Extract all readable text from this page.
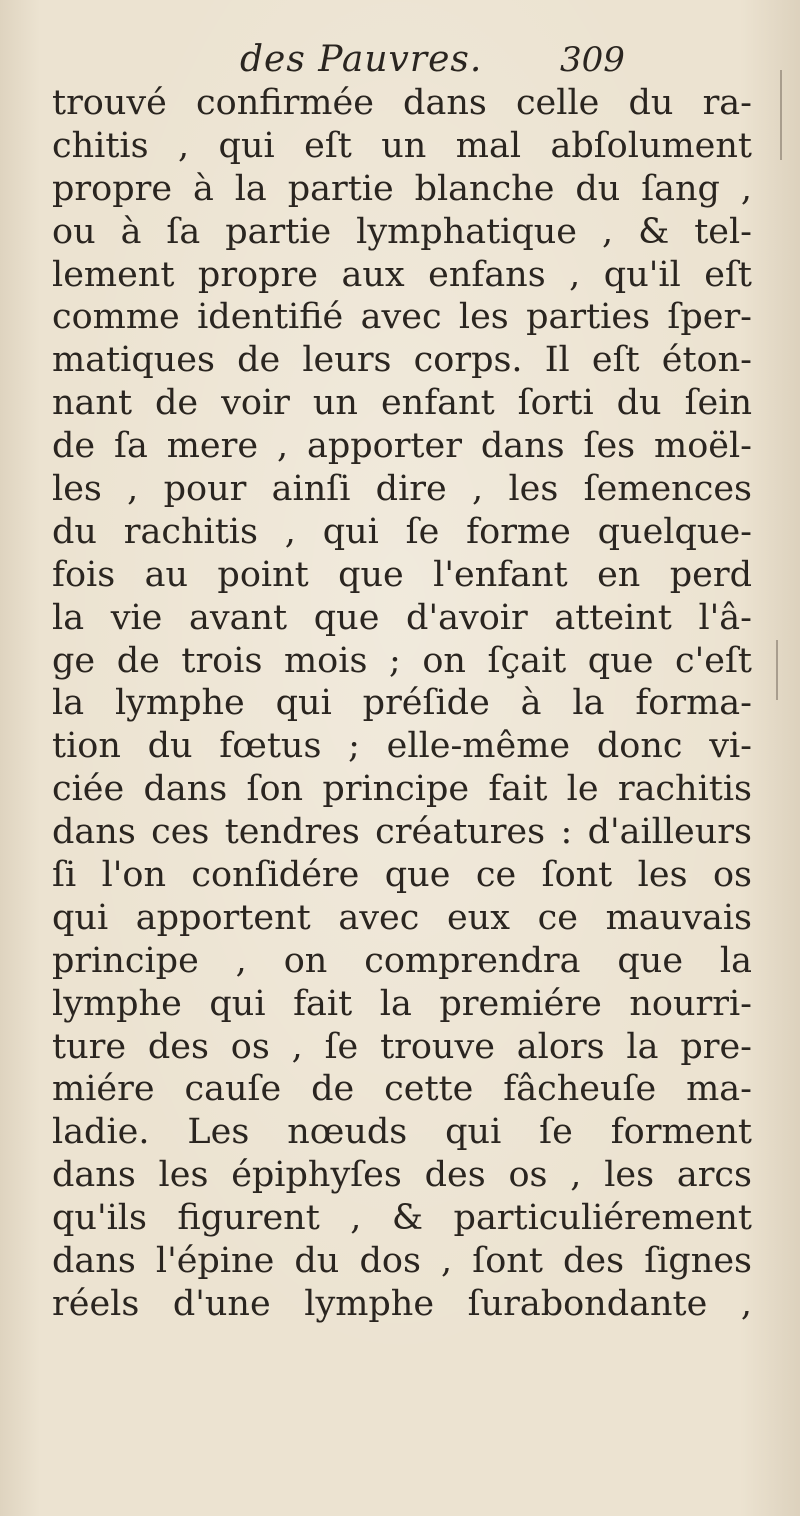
des Pauvres. 309
trouvé confirmée dans celle du ra-
chitis , qui eſt un mal abſolument
propre à la partie blanche du ſang ,
ou à ſa partie lymphatique , & tel-
lement propre aux enfans , qu'il eſt
comme identifié avec les parties ſper-
matiques de leurs corps. Il eſt éton-
nant de voir un enfant ſorti du ſein
de ſa mere , apporter dans ſes moël-
les , pour ainſi dire , les ſemences
du rachitis , qui ſe forme quelque-
fois au point que l'enfant en perd
la vie avant que d'avoir atteint l'â-
ge de trois mois ; on ſçait que c'eſt
la lymphe qui préſide à la forma-
tion du fœtus ; elle-même donc vi-
ciée dans ſon principe fait le rachitis
dans ces tendres créatures : d'ailleurs
ſi l'on conſidére que ce ſont les os
qui apportent avec eux ce mauvais
principe , on comprendra que la
lymphe qui fait la premiére nourri-
ture des os , ſe trouve alors la pre-
miére cauſe de cette fâcheuſe ma-
ladie. Les nœuds qui ſe forment
dans les épiphyſes des os , les arcs
qu'ils figurent , & particuliérement
dans l'épine du dos , ſont des ſignes
réels d'une lymphe ſurabondante ,
